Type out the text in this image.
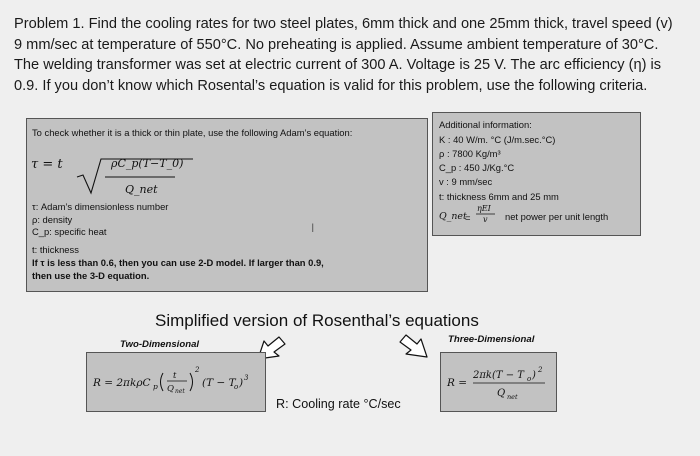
Problem 1. Find the cooling rates for two steel plates, 6mm thick and one 25mm thick, travel speed (v)
9 mm/sec at temperature of 550°C. No preheating is applied. Assume ambient temperature of 30°C.
The welding transformer was set at electric current of 300 A. Voltage is 25 V. The arc efficiency (η) is
0.9. If you don’t know which Rosental’s equation is valid for this problem, use the following criteria.
To check whether it is a thick or thin plate, use the following Adam’s equation:
τ = t	ρC_p(T−T_0)
Q_net
τ: Adam’s dimensionless number
ρ: density
C_p: specific heat
t: thickness
If τ is less than 0.6, then you can use 2-D model. If larger than 0.9,
then use the 3-D equation.
I
Additional information:
K : 40 W/m. °C (J/m.sec.°C)
ρ : 7800 Kg/m³
C_p : 450 J/Kg.°C
v : 9 mm/sec
t: thickness 6mm and 25 mm
Q_net
=
ηEI
v net power per unit length
Simplified version of Rosenthal’s equations
Two-Dimensional	Three-Dimensional
R = 2πkρC p
t
Q net
2
(T − T
o ) 3
R: Cooling rate °C/sec
R =
2πk(T − T o ) 2
Q net
